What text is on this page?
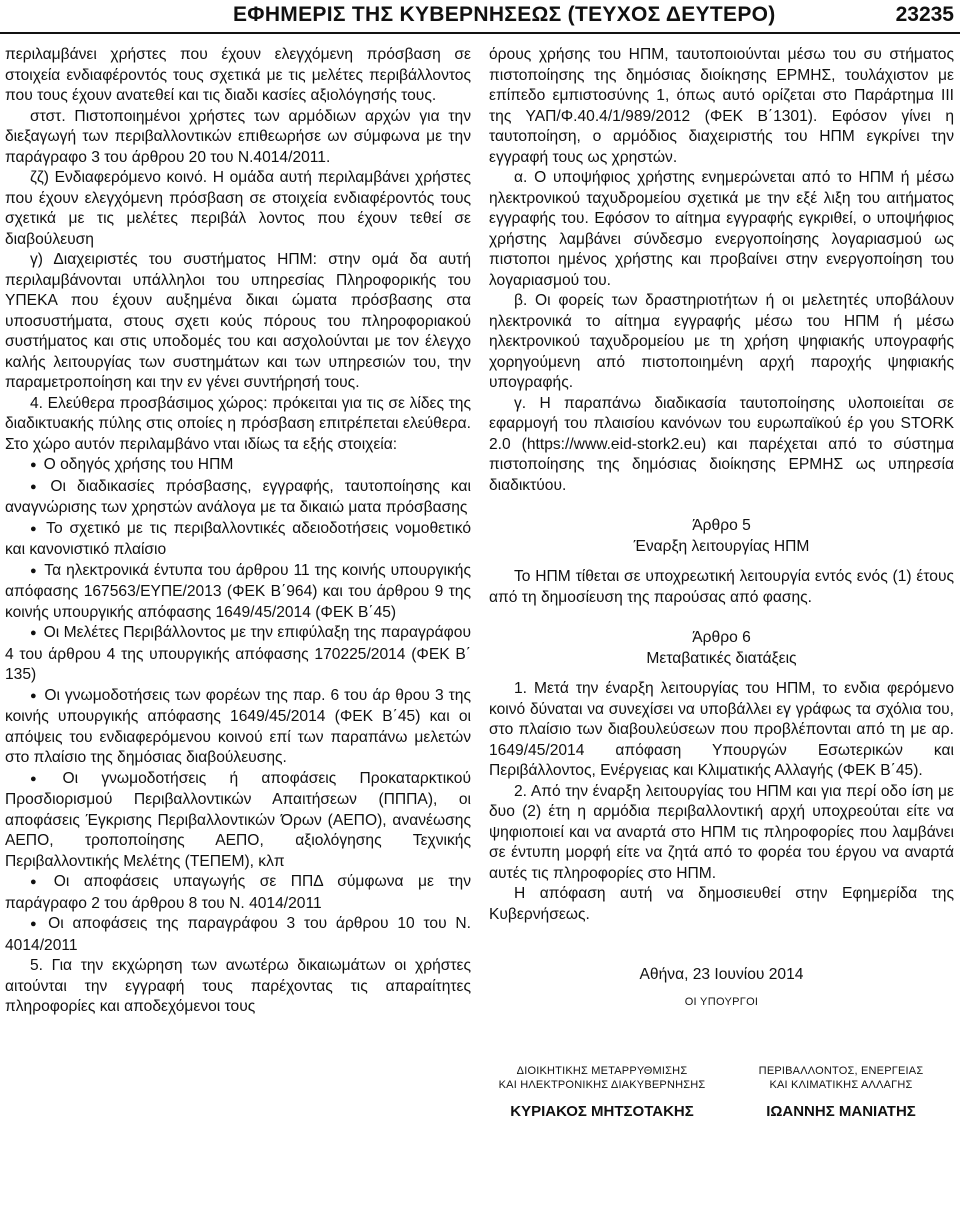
ΕΦΗΜΕΡΙΣ ΤΗΣ ΚΥΒΕΡΝΗΣΕΩΣ (ΤΕΥΧΟΣ ΔΕΥΤΕΡΟ)	23235

περιλαμβάνει χρήστες που έχουν ελεγχόμενη πρόσβαση σε στοιχεία ενδιαφέροντός τους σχετικά με τις μελέτες περιβάλλοντος που τους έχουν ανατεθεί και τις διαδι κασίες αξιολόγησής τους.

στστ. Πιστοποιημένοι χρήστες των αρμόδιων αρχών για την διεξαγωγή των περιβαλλοντικών επιθεωρήσε ων σύμφωνα με την παράγραφο 3 του άρθρου 20 του Ν.4014/2011.

ζζ) Ενδιαφερόμενο κοινό. Η ομάδα αυτή περιλαμβάνει χρήστες που έχουν ελεγχόμενη πρόσβαση σε στοιχεία ενδιαφέροντός τους σχετικά με τις μελέτες περιβάλ λοντος που έχουν τεθεί σε διαβούλευση

γ) Διαχειριστές του συστήματος ΗΠΜ: στην ομά δα αυτή περιλαμβάνονται υπάλληλοι του υπηρεσίας Πληροφορικής του ΥΠΕΚΑ που έχουν αυξημένα δικαι ώματα πρόσβασης στα υποσυστήματα, στους σχετι κούς πόρους του πληροφοριακού συστήματος και στις υποδομές του και ασχολούνται με τον έλεγχο καλής λειτουργίας των συστημάτων και των υπηρεσιών του, την παραμετροποίηση και την εν γένει συντήρησή τους.

4. Ελεύθερα προσβάσιμος χώρος: πρόκειται για τις σε λίδες της διαδικτυακής πύλης στις οποίες η πρόσβαση επιτρέπεται ελεύθερα. Στο χώρο αυτόν περιλαμβάνο νται ιδίως τα εξής στοιχεία:

● Ο οδηγός χρήσης του ΗΠΜ

● Οι διαδικασίες πρόσβασης, εγγραφής, ταυτοποίησης και αναγνώρισης των χρηστών ανάλογα με τα δικαιώ ματα πρόσβασης

● Το σχετικό με τις περιβαλλοντικές αδειοδοτήσεις νομοθετικό και κανονιστικό πλαίσιο

● Τα ηλεκτρονικά έντυπα του άρθρου 11 της κοινής υπουργικής απόφασης 167563/ΕΥΠΕ/2013 (ΦΕΚ Β΄964) και του άρθρου 9 της κοινής υπουργικής απόφασης 1649/45/2014 (ΦΕΚ Β΄45)

● Οι Μελέτες Περιβάλλοντος με την επιφύλαξη της παραγράφου 4 του άρθρου 4 της υπουργικής απόφασης 170225/2014 (ΦΕΚ Β΄ 135)

● Οι γνωμοδοτήσεις των φορέων της παρ. 6 του άρ θρου 3 της κοινής υπουργικής απόφασης 1649/45/2014 (ΦΕΚ Β΄45) και οι απόψεις του ενδιαφερόμενου κοινού επί των παραπάνω μελετών στο πλαίσιο της δημόσιας διαβούλευσης.

● Οι γνωμοδοτήσεις ή αποφάσεις Προκαταρκτικού Προσδιορισμού Περιβαλλοντικών Απαιτήσεων (ΠΠΠΑ), οι αποφάσεις Έγκρισης Περιβαλλοντικών Όρων (ΑΕΠΟ), ανανέωσης ΑΕΠΟ, τροποποίησης ΑΕΠΟ, αξιολόγησης Τεχνικής Περιβαλλοντικής Μελέτης (ΤΕΠΕΜ), κλπ

● Οι αποφάσεις υπαγωγής σε ΠΠΔ σύμφωνα με την παράγραφο 2 του άρθρου 8 του Ν. 4014/2011

● Οι αποφάσεις της παραγράφου 3 του άρθρου 10 του Ν. 4014/2011

5. Για την εκχώρηση των ανωτέρω δικαιωμάτων οι χρήστες αιτούνται την εγγραφή τους παρέχοντας τις απαραίτητες πληροφορίες και αποδεχόμενοι τους

όρους χρήσης του ΗΠΜ, ταυτοποιούνται μέσω του συ στήματος πιστοποίησης της δημόσιας διοίκησης ΕΡΜΗΣ, τουλάχιστον με επίπεδο εμπιστοσύνης 1, όπως αυτό ορίζεται στο Παράρτημα ΙΙΙ της ΥΑΠ/Φ.40.4/1/989/2012 (ΦΕΚ Β΄1301). Εφόσον γίνει η ταυτοποίηση, ο αρμόδιος διαχειριστής του ΗΠΜ εγκρίνει την εγγραφή τους ως χρηστών.

α. Ο υποψήφιος χρήστης ενημερώνεται από το ΗΠΜ ή μέσω ηλεκτρονικού ταχυδρομείου σχετικά με την εξέ λιξη του αιτήματος εγγραφής του. Εφόσον το αίτημα εγγραφής εγκριθεί, ο υποψήφιος χρήστης λαμβάνει σύνδεσμο ενεργοποίησης λογαριασμού ως πιστοποι ημένος χρήστης και προβαίνει στην ενεργοποίηση του λογαριασμού του.

β. Οι φορείς των δραστηριοτήτων ή οι μελετητές υποβάλουν ηλεκτρονικά το αίτημα εγγραφής μέσω του ΗΠΜ ή μέσω ηλεκτρονικού ταχυδρομείου με τη χρήση ψηφιακής υπογραφής χορηγούμενη από πιστοποιημένη αρχή παροχής ψηφιακής υπογραφής.

γ. Η παραπάνω διαδικασία ταυτοποίησης υλοποιείται σε εφαρμογή του πλαισίου κανόνων του ευρωπαϊκού έρ γου STORK 2.0 (https://www.eid-stork2.eu) και παρέχεται από το σύστημα πιστοποίησης της δημόσιας διοίκησης ΕΡΜΗΣ ως υπηρεσία διαδικτύου.

Άρθρο 5

Έναρξη λειτουργίας ΗΠΜ

Το ΗΠΜ τίθεται σε υποχρεωτική λειτουργία εντός ενός (1) έτους από τη δημοσίευση της παρούσας από φασης.

Άρθρο 6

Μεταβατικές διατάξεις

1. Μετά την έναρξη λειτουργίας του ΗΠΜ, το ενδια φερόμενο κοινό δύναται να συνεχίσει να υποβάλλει εγ γράφως τα σχόλια του, στο πλαίσιο των διαβουλεύσεων που προβλέπονται από τη με αρ. 1649/45/2014 απόφαση Υπουργών Εσωτερικών και Περιβάλλοντος, Ενέργειας και Κλιματικής Αλλαγής (ΦΕΚ Β΄45).

2. Από την έναρξη λειτουργίας του ΗΠΜ και για περί οδο ίση με δυο (2) έτη η αρμόδια περιβαλλοντική αρχή υποχρεούται είτε να ψηφιοποιεί και να αναρτά στο ΗΠΜ τις πληροφορίες που λαμβάνει σε έντυπη μορφή είτε να ζητά από το φορέα του έργου να αναρτά αυτές τις πληροφορίες στο ΗΠΜ.

Η απόφαση αυτή να δημοσιευθεί στην Εφημερίδα της Κυβερνήσεως.

Αθήνα, 23 Ιουνίου 2014
ΟΙ ΥΠΟΥΡΓΟΙ
ΔΙΟΙΚΗΤΙΚΗΣ ΜΕΤΑΡΡΥΘΜΙΣΗΣ
ΚΑΙ ΗΛΕΚΤΡΟΝΙΚΗΣ ΔΙΑΚΥΒΕΡΝΗΣΗΣ
ΚΥΡΙΑΚΟΣ ΜΗΤΣΟΤΑΚΗΣ
ΠΕΡΙΒΑΛΛΟΝΤΟΣ, ΕΝΕΡΓΕΙΑΣ
ΚΑΙ ΚΛΙΜΑΤΙΚΗΣ ΑΛΛΑΓΗΣ
ΙΩΑΝΝΗΣ ΜΑΝΙΑΤΗΣ
